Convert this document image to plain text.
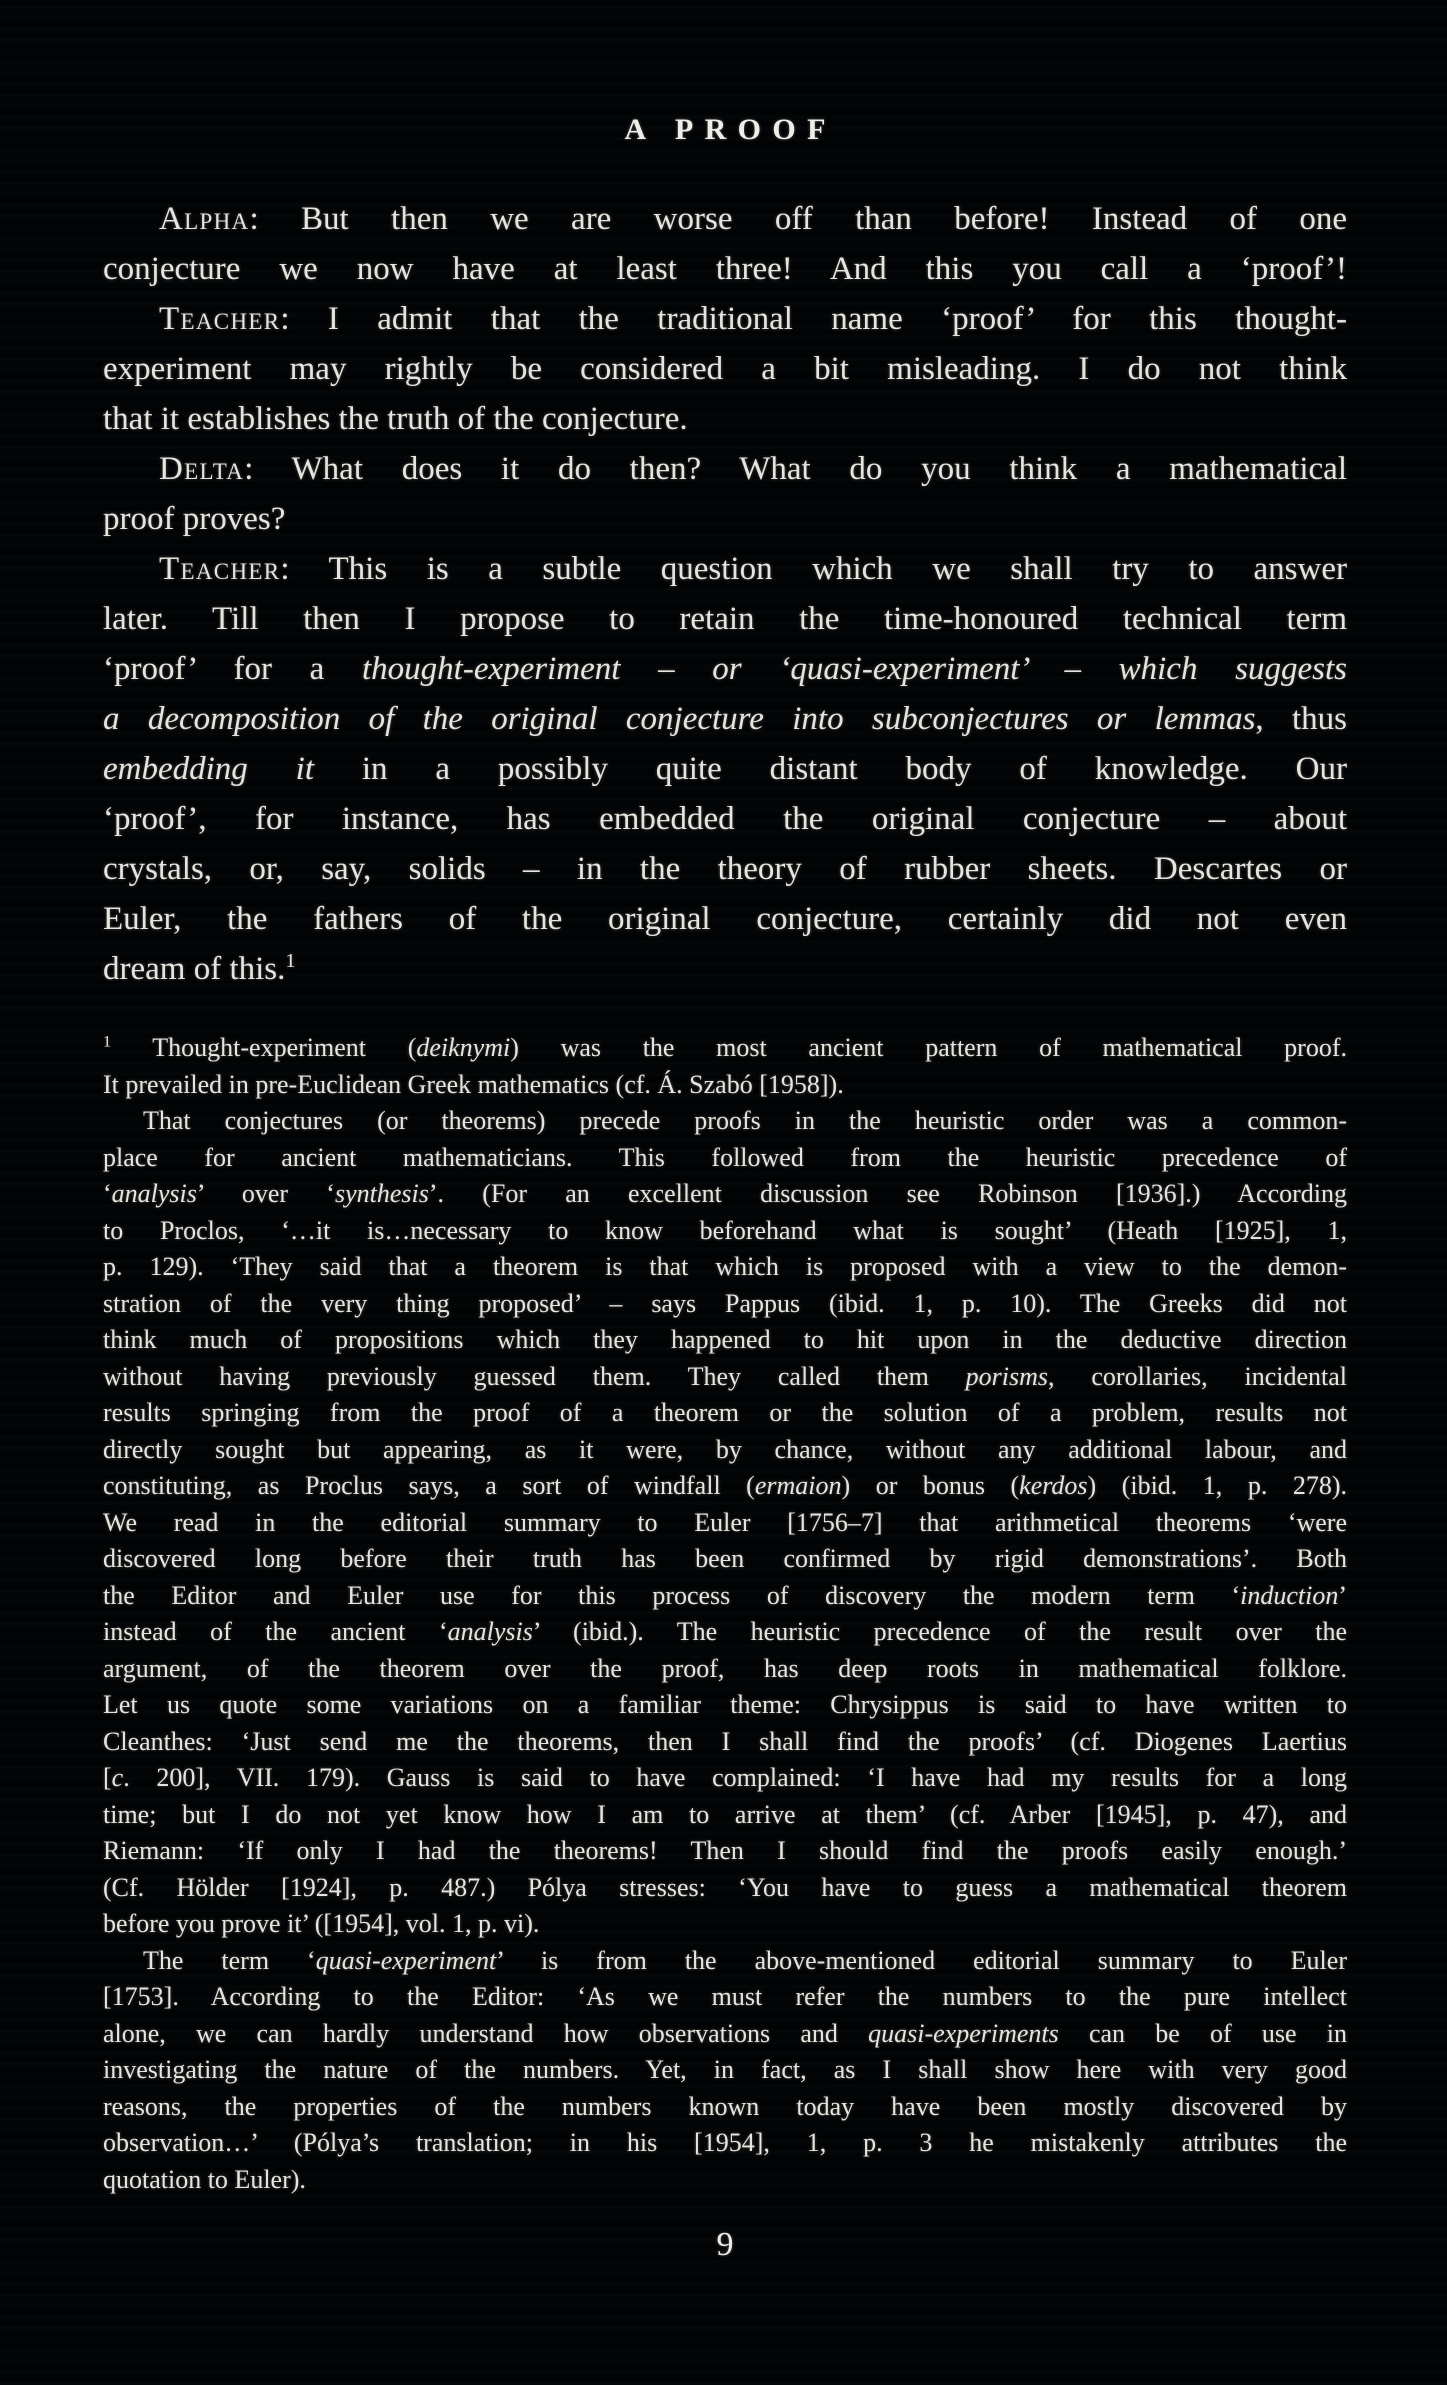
A PROOF
Alpha: But then we are worse off than before! Instead of one
conjecture we now have at least three! And this you call a ‘proof’!
Teacher: I admit that the traditional name ‘proof’ for this thought-
experiment may rightly be considered a bit misleading. I do not think
that it establishes the truth of the conjecture.
Delta: What does it do then? What do you think a mathematical
proof proves?
Teacher: This is a subtle question which we shall try to answer
later. Till then I propose to retain the time-honoured technical term
‘proof’ for a thought-experiment – or ‘quasi-experiment’ – which suggests
a decomposition of the original conjecture into subconjectures or lemmas, thus
embedding it in a possibly quite distant body of knowledge. Our
‘proof’, for instance, has embedded the original conjecture – about
crystals, or, say, solids – in the theory of rubber sheets. Descartes or
Euler, the fathers of the original conjecture, certainly did not even
dream of this.$^1$
$^1$ Thought-experiment (deiknymi) was the most ancient pattern of mathematical proof.
It prevailed in pre-Euclidean Greek mathematics (cf. Á. Szabó [1958]).
That conjectures (or theorems) precede proofs in the heuristic order was a common-
place for ancient mathematicians. This followed from the heuristic precedence of
‘analysis’ over ‘synthesis’. (For an excellent discussion see Robinson [1936].) According
to Proclos, ‘…it is…necessary to know beforehand what is sought’ (Heath [1925], 1,
p. 129). ‘They said that a theorem is that which is proposed with a view to the demon-
stration of the very thing proposed’ – says Pappus (ibid. 1, p. 10). The Greeks did not
think much of propositions which they happened to hit upon in the deductive direction
without having previously guessed them. They called them porisms, corollaries, incidental
results springing from the proof of a theorem or the solution of a problem, results not
directly sought but appearing, as it were, by chance, without any additional labour, and
constituting, as Proclus says, a sort of windfall (ermaion) or bonus (kerdos) (ibid. 1, p. 278).
We read in the editorial summary to Euler [1756–7] that arithmetical theorems ‘were
discovered long before their truth has been confirmed by rigid demonstrations’. Both
the Editor and Euler use for this process of discovery the modern term ‘induction’
instead of the ancient ‘analysis’ (ibid.). The heuristic precedence of the result over the
argument, of the theorem over the proof, has deep roots in mathematical folklore.
Let us quote some variations on a familiar theme: Chrysippus is said to have written to
Cleanthes: ‘Just send me the theorems, then I shall find the proofs’ (cf. Diogenes Laertius
[c. 200], VII. 179). Gauss is said to have complained: ‘I have had my results for a long
time; but I do not yet know how I am to arrive at them’ (cf. Arber [1945], p. 47), and
Riemann: ‘If only I had the theorems! Then I should find the proofs easily enough.’
(Cf. Hölder [1924], p. 487.) Pólya stresses: ‘You have to guess a mathematical theorem
before you prove it’ ([1954], vol. 1, p. vi).
The term ‘quasi-experiment’ is from the above-mentioned editorial summary to Euler
[1753]. According to the Editor: ‘As we must refer the numbers to the pure intellect
alone, we can hardly understand how observations and quasi-experiments can be of use in
investigating the nature of the numbers. Yet, in fact, as I shall show here with very good
reasons, the properties of the numbers known today have been mostly discovered by
observation…’ (Pólya’s translation; in his [1954], 1, p. 3 he mistakenly attributes the
quotation to Euler).
9
